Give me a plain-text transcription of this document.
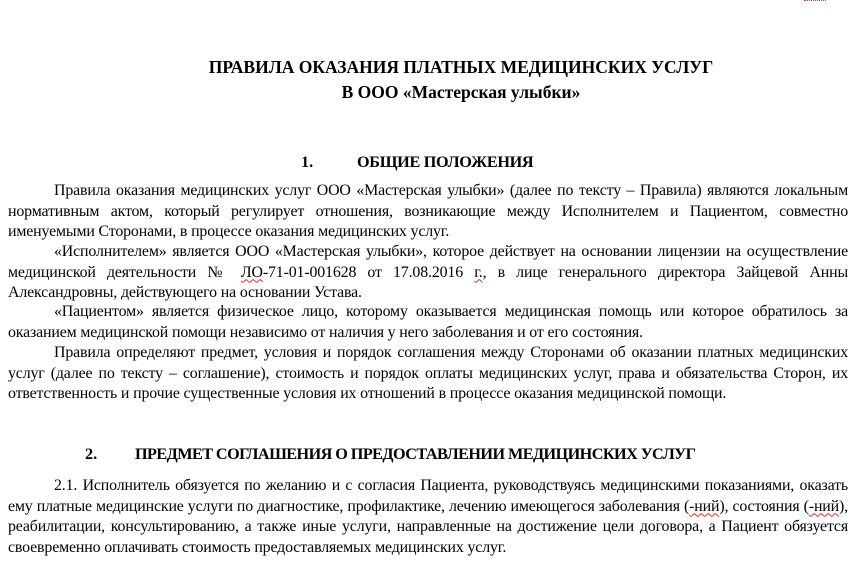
ПРАВИЛА ОКАЗАНИЯ ПЛАТНЫХ МЕДИЦИНСКИХ УСЛУГ
В ООО «Мастерская улыбки»
1.	ОБЩИЕ ПОЛОЖЕНИЯ

Правила оказания медицинских услуг ООО «Мастерская улыбки» (далее по тексту – Правила) являются локальным нормативным актом, который регулирует отношения, возникающие между Исполнителем и Пациентом, совместно именуемыми Сторонами, в процессе оказания медицинских услуг.

«Исполнителем» является ООО «Мастерская улыбки», которое действует на основании лицензии на осуществление медицинской деятельности № ЛО-71-01-001628 от 17.08.2016 г., в лице генерального директора Зайцевой Анны Александровны, действующего на основании Устава.

«Пациентом» является физическое лицо, которому оказывается медицинская помощь или которое обратилось за оказанием медицинской помощи независимо от наличия у него заболевания и от его состояния.

Правила определяют предмет, условия и порядок соглашения между Сторонами об оказании платных медицинских услуг (далее по тексту – соглашение), стоимость и порядок оплаты медицинских услуг, права и обязательства Сторон, их ответственность и прочие существенные условия их отношений в процессе оказания медицинской помощи.

2. ПРЕДМЕТ СОГЛАШЕНИЯ О ПРЕДОСТАВЛЕНИИ МЕДИЦИНСКИХ УСЛУГ

2.1. Исполнитель обязуется по желанию и с согласия Пациента, руководствуясь медицинскими показаниями, оказать ему платные медицинские услуги по диагностике, профилактике, лечению имеющегося заболевания (-ний), состояния (-ний), реабилитации, консультированию, а также иные услуги, направленные на достижение цели договора, а Пациент обязуется своевременно оплачивать стоимость предоставляемых медицинских услуг.
